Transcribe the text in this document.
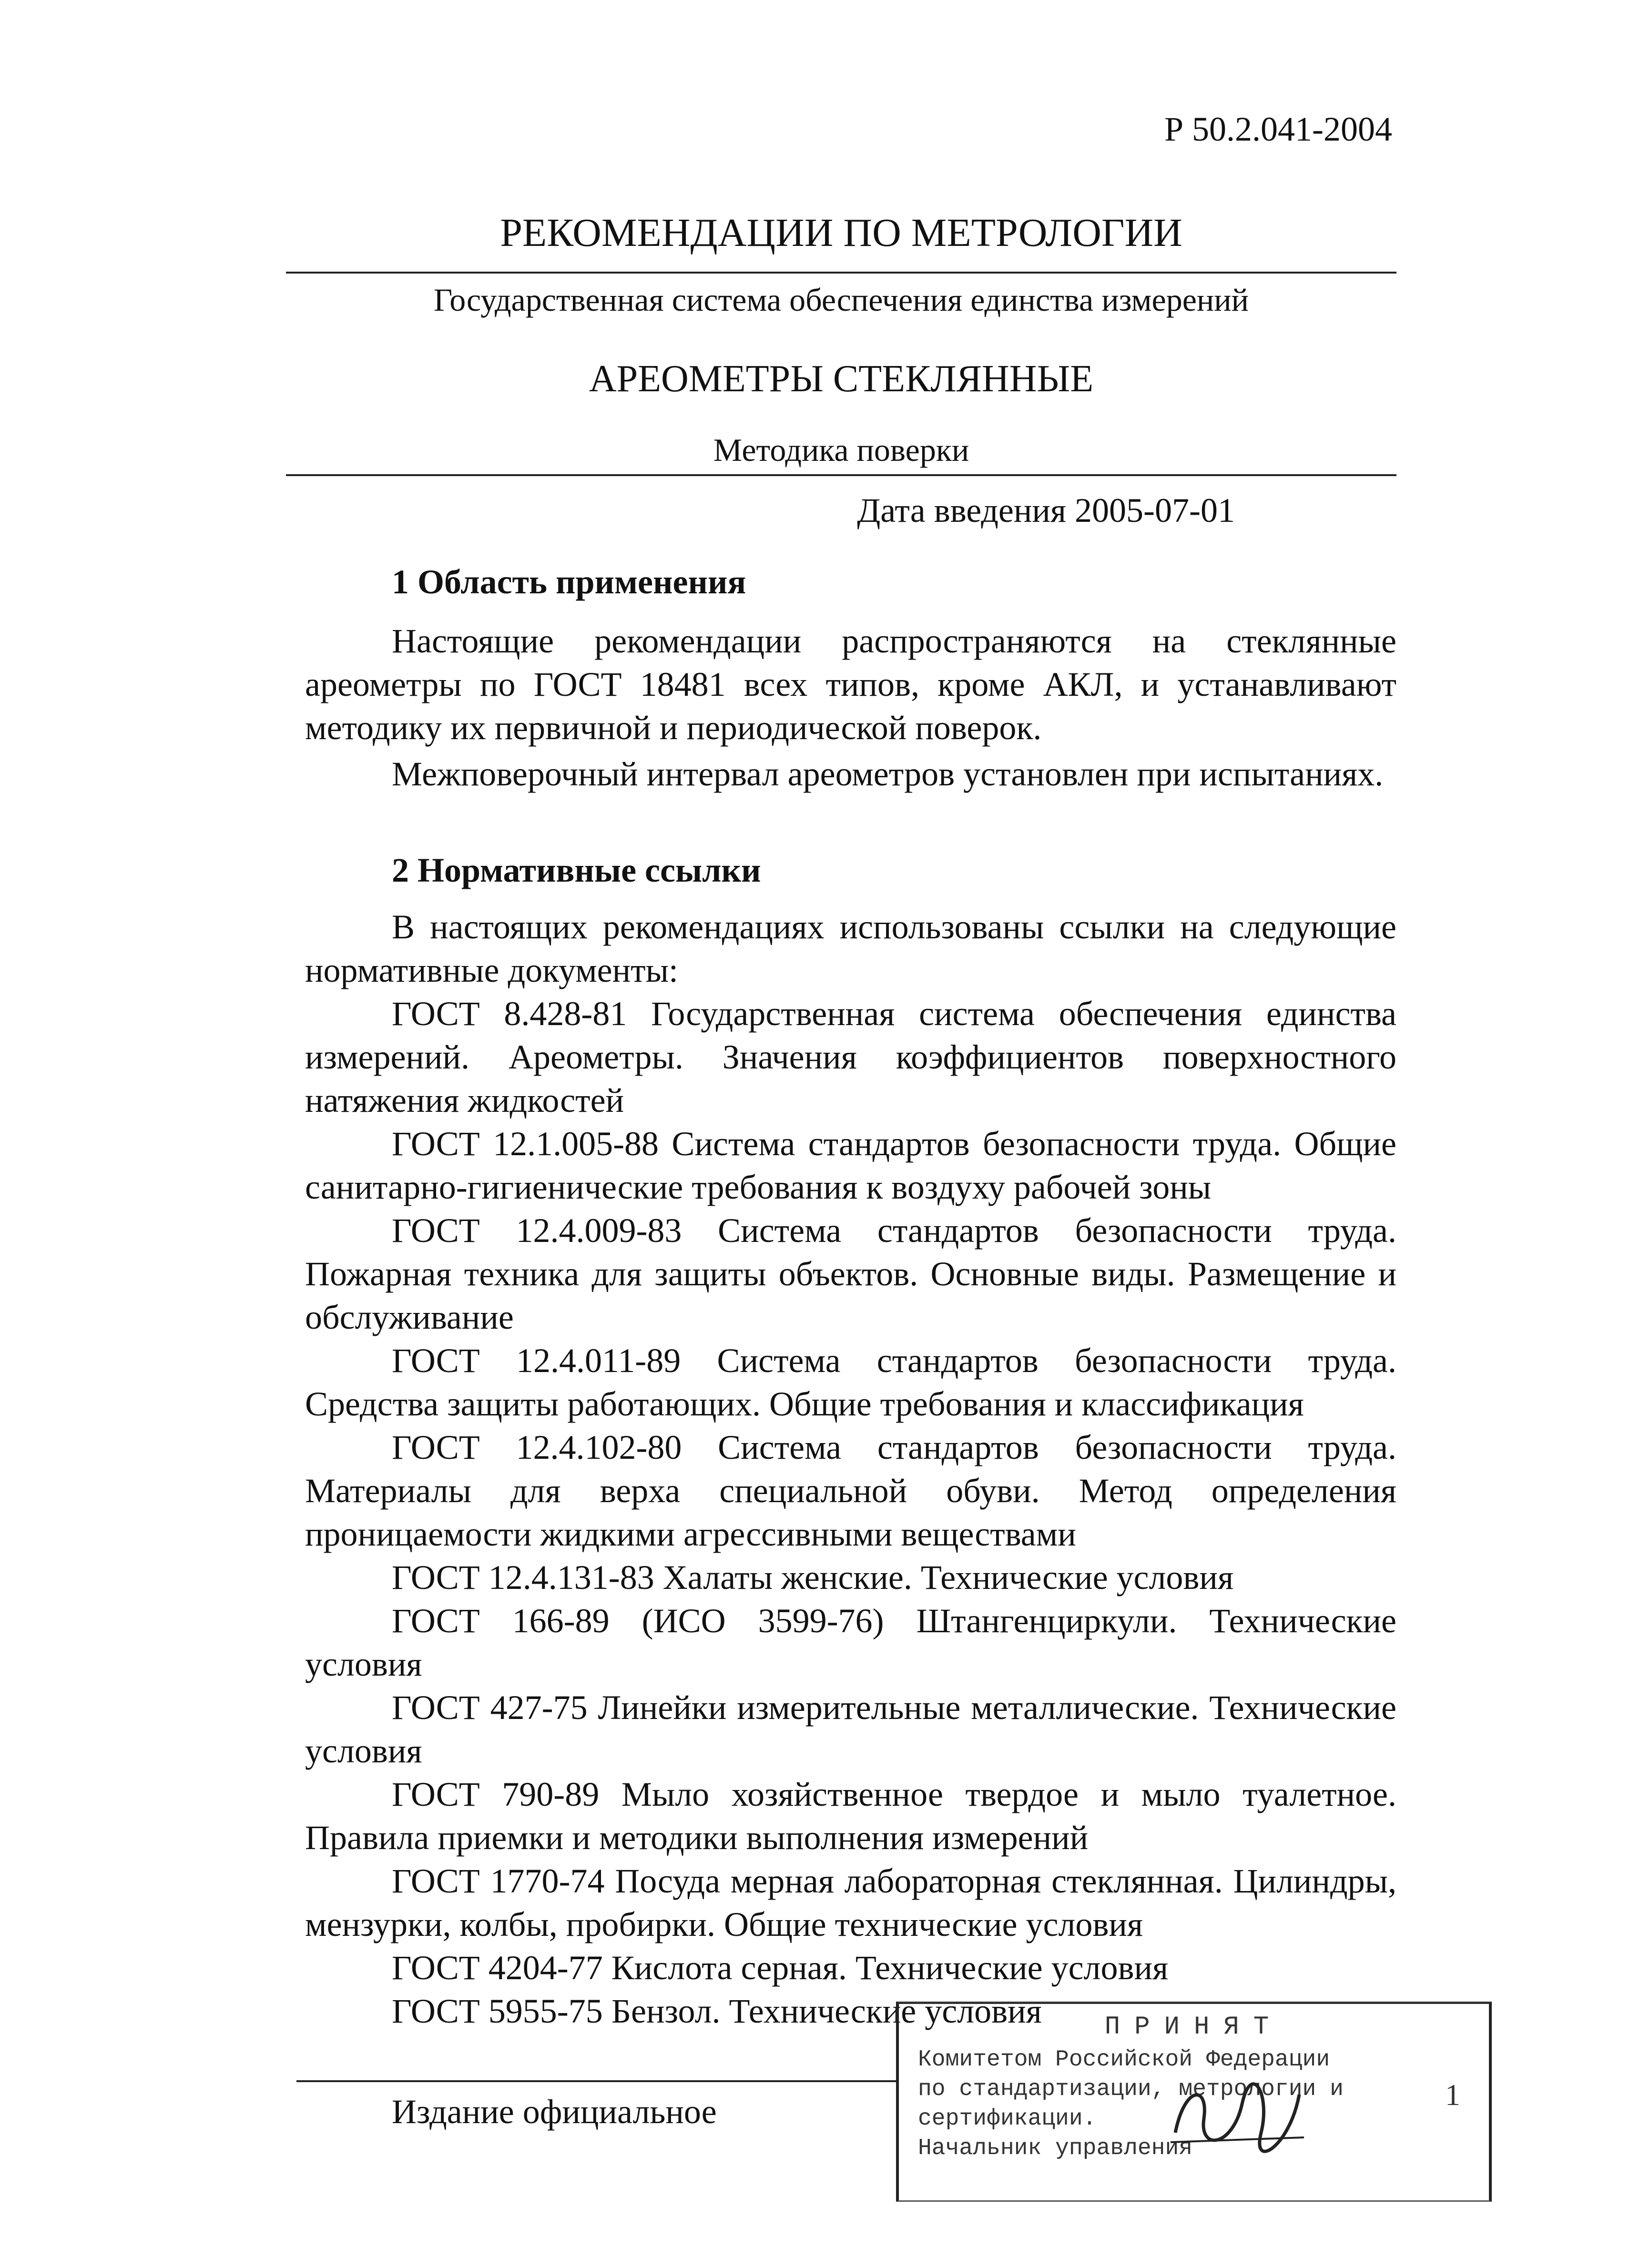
Р 50.2.041-2004
РЕКОМЕНДАЦИИ ПО МЕТРОЛОГИИ
Государственная система обеспечения единства измерений
АРЕОМЕТРЫ СТЕКЛЯННЫЕ
Методика поверки
Дата введения 2005-07-01
1 Область применения

Настоящие рекомендации распространяются на стеклянные ареометры по ГОСТ 18481 всех типов, кроме АКЛ, и устанавливают методику их первичной и периодической поверок.

Межповерочный интервал ареометров установлен при испытаниях.

2 Нормативные ссылки

В настоящих рекомендациях использованы ссылки на следующие нормативные документы:

ГОСТ 8.428-81 Государственная система обеспечения единства измерений. Ареометры. Значения коэффициентов поверхностного натяжения жидкостей

ГОСТ 12.1.005-88 Система стандартов безопасности труда. Общие санитарно-гигиенические требования к воздуху рабочей зоны

ГОСТ 12.4.009-83 Система стандартов безопасности труда. Пожарная техника для защиты объектов. Основные виды. Размещение и обслуживание

ГОСТ 12.4.011-89 Система стандартов безопасности труда. Средства защиты работающих. Общие требования и классификация

ГОСТ 12.4.102-80 Система стандартов безопасности труда. Материалы для верха специальной обуви. Метод определения проницаемости жидкими агрессивными веществами

ГОСТ 12.4.131-83 Халаты женские. Технические условия

ГОСТ 166-89 (ИСО 3599-76) Штангенциркули. Технические условия

ГОСТ 427-75 Линейки измерительные металлические. Технические условия

ГОСТ 790-89 Мыло хозяйственное твердое и мыло туалетное. Правила приемки и методики выполнения измерений

ГОСТ 1770-74 Посуда мерная лабораторная стеклянная. Цилиндры, мензурки, колбы, пробирки. Общие технические условия

ГОСТ 4204-77 Кислота серная. Технические условия

ГОСТ 5955-75 Бензол. Технические условия

Издание официальное
ПРИНЯТ
Комитетом Российской Федерации
по стандартизации, метрологии и
сертификации.
Начальник управления
1
